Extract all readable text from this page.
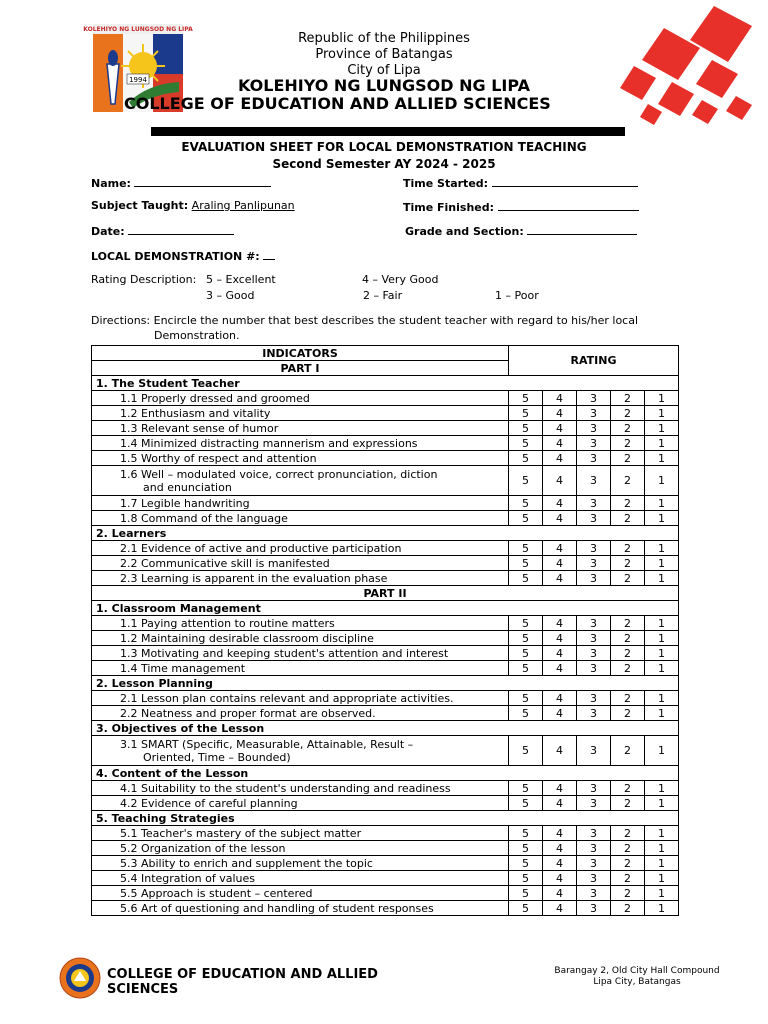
1994
KOLEHIYO NG LUNGSOD NG LIPA
Republic of the Philippines
Province of Batangas
City of Lipa
KOLEHIYO NG LUNGSOD NG LIPA
COLLEGE OF EDUCATION AND ALLIED SCIENCES
EVALUATION SHEET FOR LOCAL DEMONSTRATION TEACHING
Second Semester AY 2024 - 2025
Name:	Time Started:
Subject Taught: Araling Panlipunan	Time Finished:
Date:	Grade and Section:
LOCAL DEMONSTRATION #:
Rating Description: 5 – Excellent	4 – Very Good
3 – Good	2 – Fair	1 – Poor
Directions: Encircle the number that best describes the student teacher with regard to his/her local
Demonstration.
INDICATORS	RATING				
PART I					
1. The Student Teacher					
1.1 Properly dressed and groomed	5	4	3	2	1
1.2 Enthusiasm and vitality	5	4	3	2	1
1.3 Relevant sense of humor	5	4	3	2	1
1.4 Minimized distracting mannerism and expressions	5	4	3	2	1
1.5 Worthy of respect and attention	5	4	3	2	1
1.6 Well – modulated voice, correct pronunciation, diction

and enunciation	5	4	3	2	1
1.7 Legible handwriting	5	4	3	2	1
1.8 Command of the language	5	4	3	2	1
2. Learners					
2.1 Evidence of active and productive participation	5	4	3	2	1
2.2 Communicative skill is manifested	5	4	3	2	1
2.3 Learning is apparent in the evaluation phase	5	4	3	2	1
PART II					
1. Classroom Management					
1.1 Paying attention to routine matters	5	4	3	2	1
1.2 Maintaining desirable classroom discipline	5	4	3	2	1
1.3 Motivating and keeping student's attention and interest	5	4	3	2	1
1.4 Time management	5	4	3	2	1
2. Lesson Planning					
2.1 Lesson plan contains relevant and appropriate activities.	5	4	3	2	1
2.2 Neatness and proper format are observed.	5	4	3	2	1
3. Objectives of the Lesson					
3.1 SMART (Specific, Measurable, Attainable, Result –

Oriented, Time – Bounded)	5	4	3	2	1
4. Content of the Lesson					
4.1 Suitability to the student's understanding and readiness	5	4	3	2	1
4.2 Evidence of careful planning	5	4	3	2	1
5. Teaching Strategies					
5.1 Teacher's mastery of the subject matter	5	4	3	2	1
5.2 Organization of the lesson	5	4	3	2	1
5.3 Ability to enrich and supplement the topic	5	4	3	2	1
5.4 Integration of values	5	4	3	2	1
5.5 Approach is student – centered	5	4	3	2	1
5.6 Art of questioning and handling of student responses	5	4	3	2	1
COLLEGE OF EDUCATION AND ALLIED SCIENCES
Barangay 2, Old City Hall Compound
Lipa City, Batangas
